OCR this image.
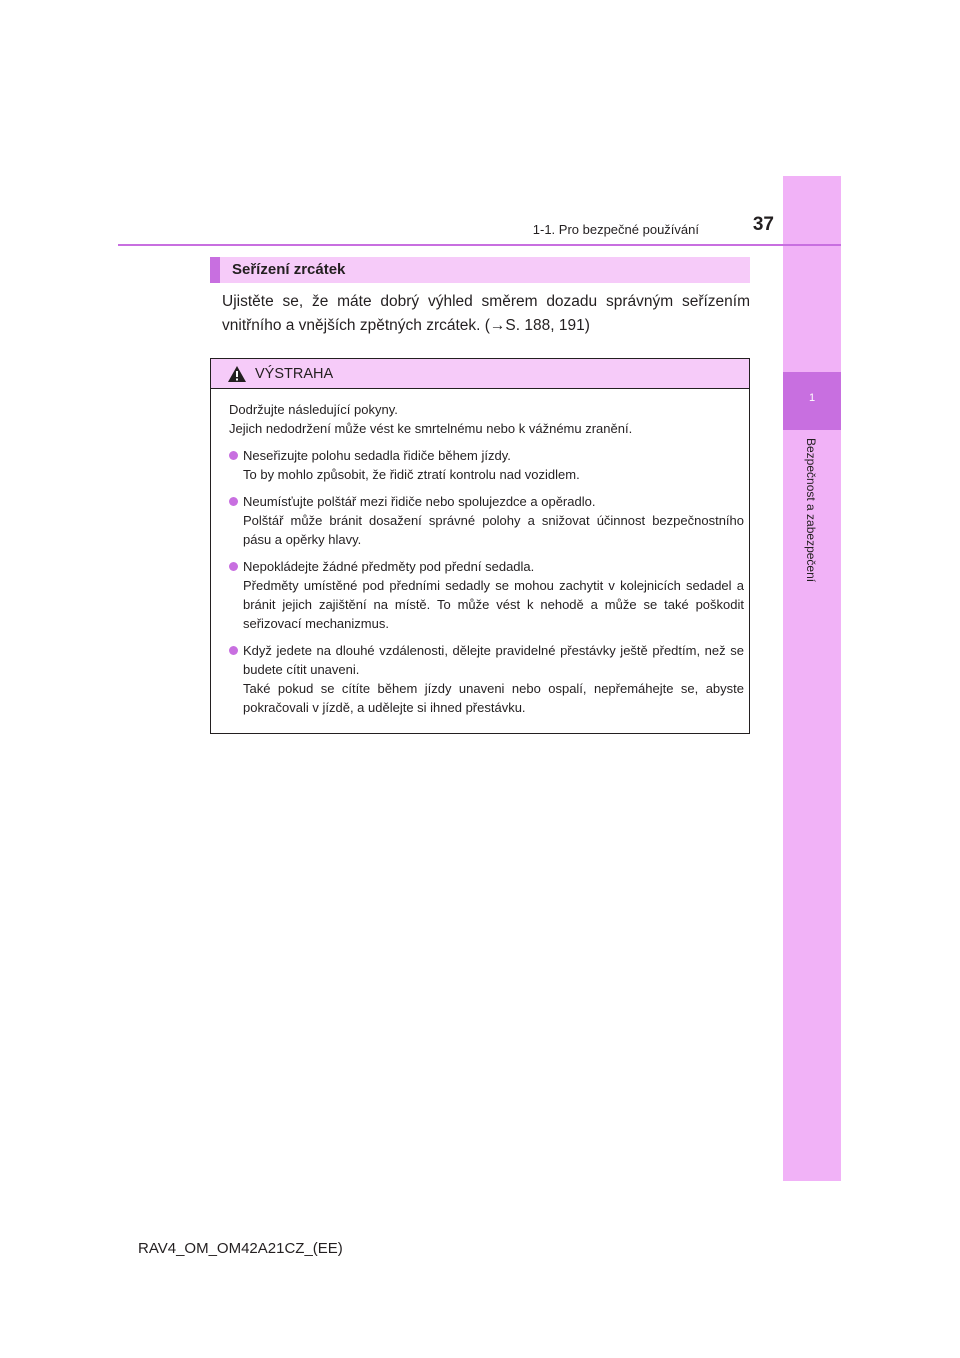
1
Bezpečnost a zabezpečení
1-1. Pro bezpečné používání	37
Seřízení zrcátek
Ujistěte se, že máte dobrý výhled směrem dozadu správným seřízením vnitřního a vnějších zpětných zrcátek. (→S. 188, 191)
VÝSTRAHA

Dodržujte následující pokyny.

Jejich nedodržení může vést ke smrtelnému nebo k vážnému zranění.

Neseřizujte polohu sedadla řidiče během jízdy.

To by mohlo způsobit, že řidič ztratí kontrolu nad vozidlem.

Neumísťujte polštář mezi řidiče nebo spolujezdce a opěradlo.

Polštář může bránit dosažení správné polohy a snižovat účinnost bezpečnostního pásu a opěrky hlavy.

Nepokládejte žádné předměty pod přední sedadla.

Předměty umístěné pod předními sedadly se mohou zachytit v kolejnicích sedadel a bránit jejich zajištění na místě. To může vést k nehodě a může se také poškodit seřizovací mechanizmus.

Když jedete na dlouhé vzdálenosti, dělejte pravidelné přestávky ještě předtím, než se budete cítit unaveni.

Také pokud se cítíte během jízdy unaveni nebo ospalí, nepřemáhejte se, abyste pokračovali v jízdě, a udělejte si ihned přestávku.

RAV4_OM_OM42A21CZ_(EE)
